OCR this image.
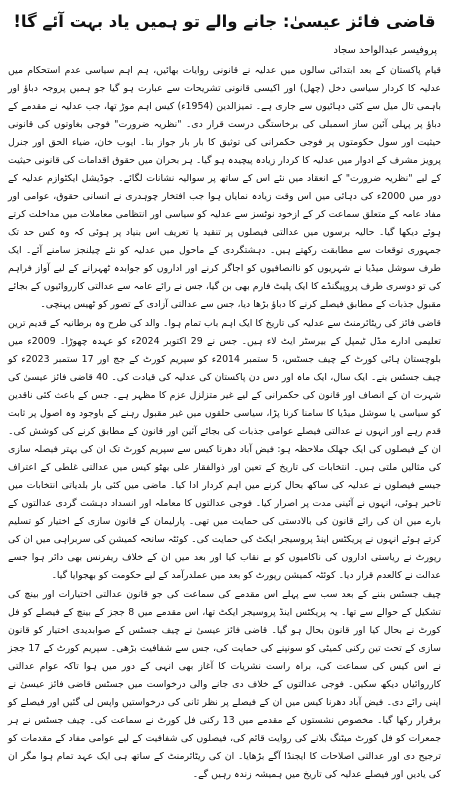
قاضی فائز عیسیٰ: جانے والے تو ہمیں یاد بہت آئے گا!
پروفیسر عبدالواحد سجاد

قیام پاکستان کے بعد ابتدائی سالوں میں عدلیہ نے قانونی روایات بھائیں، ہم اہم سیاسی عدم استحکام میں عدلیہ کا کردار سیاسی دخل (چھل) اور اکیسی قانونی تشریحات سے عبارت ہو گیا جو ہمیں پروجہ دباؤ اور باہمی تال میل سے کئی دہائیوں سے جاری ہے۔ تمیزالدین (1954ء) کیس اہم موڑ تھا، جب عدلیہ نے مقدمے کے دباؤ پر پہلی آئین ساز اسمبلی کی برخاستگی درست قرار دی۔ "نظریہ ضرورت" فوجی بغاوتوں کی قانونی حیثیت اور سول حکومتوں پر فوجی حکمرانی کی توثیق کا بار بار جواز بنا۔ ایوب خان، ضیاء الحق اور جنرل پرویز مشرف کے ادوار میں عدلیہ کا کردار زیادہ پیچیدہ ہو گیا۔ ہر بحران میں حقوق اقدامات کی قانونی حیثیت کے لیے "نظریہ ضرورت" کے انعقاد میں نئے اس کے ساتھ پر سوالیہ نشانات لگائے۔ جوڈیشل ایکٹوازم عدلیہ کے دور میں 2000ء کی دہائی میں اس وقت زیادہ نمایاں ہوا جب افتخار چوہدری نے انسانی حقوق، عوامی اور مفاد عامہ کے متعلق سماعت کر کے ازخود نوٹسز سے عدلیہ کو سیاسی اور انتظامی معاملات میں مداخلت کرتے ہوئے دیکھا گیا۔ حالیہ برسوں میں عدالتی فیصلوں پر تنقید یا تعریف اس بنیاد پر ہوئی کہ وہ کس حد تک جمہوری توقعات سے مطابقت رکھتے ہیں۔ دہشتگردی کے ماحول میں عدلیہ کو نئے چیلنجز سامنے آئے۔ ایک طرف سوشل میڈیا نے شہریوں کو ناانصافیوں کو اجاگر کرنے اور اداروں کو جوابدہ ٹھہرانے کے لیے آواز فراہم کی تو دوسری طرف پروپیگنڈے کا ایک پلیٹ فارم بھی بن گیا، جس نے رائے عامہ سے عدالتی کارروائیوں کے بجائے مقبول جذبات کے مطابق فیصلے کرنے کا دباؤ بڑھا دیا، جس سے عدالتی آزادی کے تصور کو ٹھیس پہنچی۔

قاضی فائز کی ریٹائرمنٹ سے عدلیہ کی تاریخ کا ایک اہم باب تمام ہوا۔ والد کی طرح وہ برطانیہ کے قدیم ترین تعلیمی ادارے مڈل ٹیمپل کے بیرسٹر ایٹ لاء ہیں۔ جس نے 29 اکتوبر 2024ء کو عہدہ چھوڑا۔ 2009ء میں بلوچستان ہائی کورٹ کے چیف جسٹس، 5 ستمبر 2014ء کو سپریم کورٹ کے جج اور 17 ستمبر 2023ء کو چیف جسٹس بنے۔ ایک سال، ایک ماہ اور دس دن پاکستان کی عدلیہ کی قیادت کی۔ 40 قاضی فائز عیسیٰ کی شہرت ان کے انصاف اور قانون کی حکمرانی کے لیے غیر متزلزل عزم کا مظہر ہے۔ جس کے باعث کئی ناقدین کو سیاسی یا سوشل میڈیا کا سامنا کرنا پڑا، سیاسی حلقوں میں غیر مقبول رہنے کے باوجود وہ اصول پر ثابت قدم رہے اور انہوں نے عدالتی فیصلے عوامی جذبات کی بجائے آئین اور قانون کے مطابق کرنے کی کوشش کی۔ ان کے فیصلوں کی ایک جھلک ملاحظہ ہو: فیض آباد دھرنا کیس سے سپریم کورٹ تک ان کی بہتر فیصلہ سازی کی مثالیں ملتی ہیں۔ انتخابات کی تاریخ کے تعین اور ذوالفقار علی بھٹو کیس میں عدالتی غلطی کے اعتراف جیسے فیصلوں نے عدلیہ کی ساکھ بحال کرنے میں اہم کردار ادا کیا۔ ماضی میں کئی بار بلدیاتی انتخابات میں تاخیر ہوئی، انہوں نے آئینی مدت پر اصرار کیا۔ فوجی عدالتوں کا معاملہ اور انسداد دہشت گردی عدالتوں کے بارے میں ان کی رائے قانون کی بالادستی کی حمایت میں تھی۔ پارلیمان کے قانون سازی کے اختیار کو تسلیم کرتے ہوئے انہوں نے پریکٹس اینڈ پروسیجر ایکٹ کی حمایت کی۔ کوئٹہ سانحہ کمیشن کی سربراہی میں ان کی رپورٹ نے ریاستی اداروں کی ناکامیوں کو بے نقاب کیا اور بعد میں ان کے خلاف ریفرنس بھی دائر ہوا جسے عدالت نے کالعدم قرار دیا۔ کوئٹہ کمیشن رپورٹ کو بعد میں عملدرآمد کے لیے حکومت کو بھجوایا گیا۔

چیف جسٹس بننے کے بعد سب سے پہلے اس مقدمے کی سماعت کی جو قانون عدالتی اختیارات اور بینچ کی تشکیل کے حوالے سے تھا۔ یہ پریکٹس اینڈ پروسیجر ایکٹ تھا، اس مقدمے میں 8 ججز کے بینچ کے فیصلے کو فل کورٹ نے بحال کیا اور قانون بحال ہو گیا۔ قاضی فائز عیسیٰ نے چیف جسٹس کے صوابدیدی اختیار کو قانون سازی کے تحت تین رکنی کمیٹی کو سونپنے کی حمایت کی، جس سے شفافیت بڑھی۔ سپریم کورٹ کے 17 ججز نے اس کیس کی سماعت کی، براہ راست نشریات کا آغاز بھی انہی کے دور میں ہوا تاکہ عوام عدالتی کارروائیاں دیکھ سکیں۔ فوجی عدالتوں کے خلاف دی جانے والی درخواست میں جسٹس قاضی فائز عیسیٰ نے اپنی رائے دی۔ فیض آباد دھرنا کیس میں ان کے فیصلے پر نظر ثانی کی درخواستیں واپس لی گئیں اور فیصلے کو برقرار رکھا گیا۔ مخصوص نشستوں کے مقدمے میں 13 رکنی فل کورٹ نے سماعت کی۔ چیف جسٹس نے ہر جمعرات کو فل کورٹ میٹنگ بلانے کی روایت قائم کی، فیصلوں کی شفافیت کے لیے عوامی مفاد کے مقدمات کو ترجیح دی اور عدالتی اصلاحات کا ایجنڈا آگے بڑھایا۔ ان کی ریٹائرمنٹ کے ساتھ ہی ایک عہد تمام ہوا مگر ان کی یادیں اور فیصلے عدلیہ کی تاریخ میں ہمیشہ زندہ رہیں گے۔
